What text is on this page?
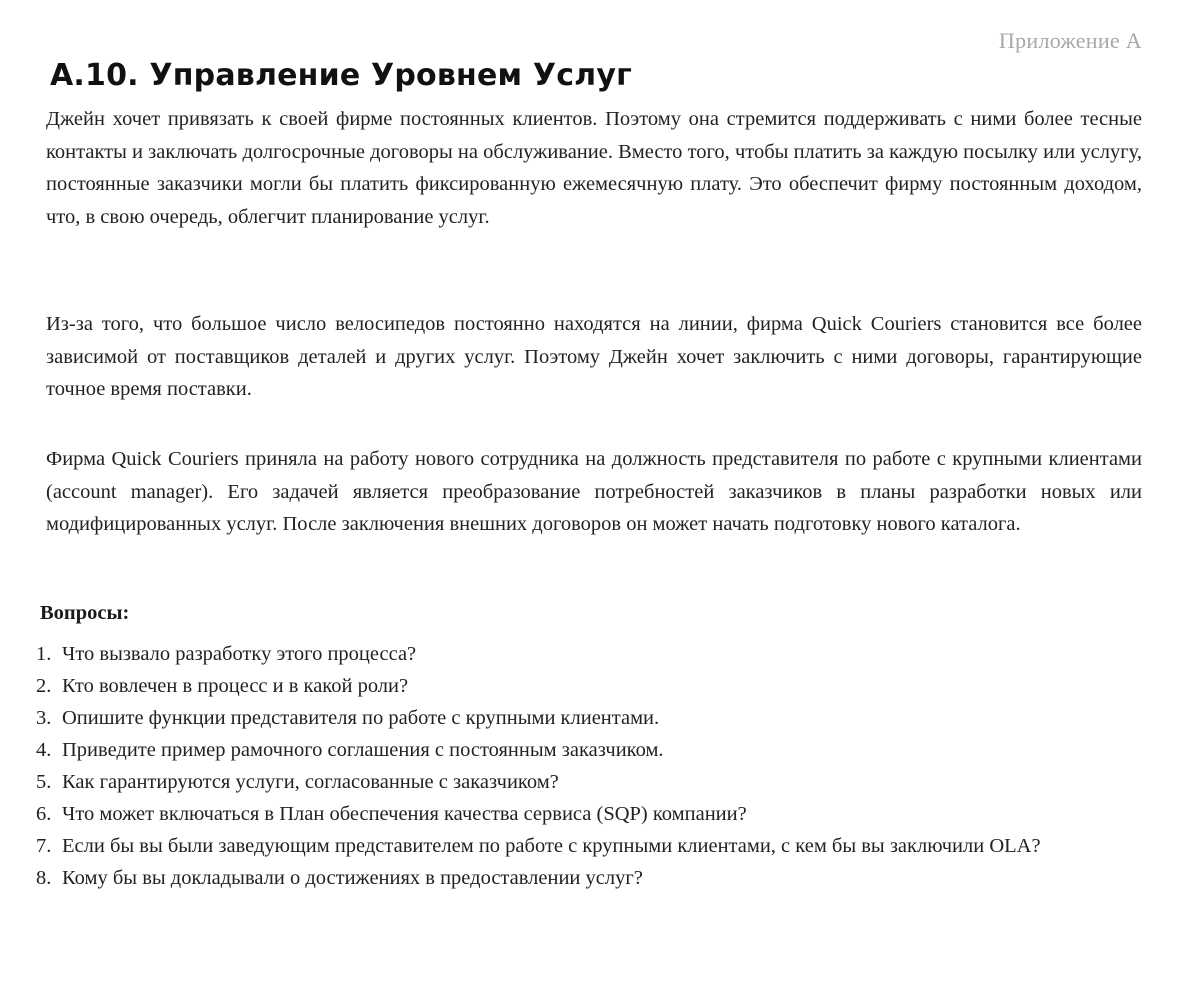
Приложение А
А.10. Управление Уровнем Услуг

Джейн хочет привязать к своей фирме постоянных клиентов. Поэтому она стремится поддерживать с ними более тесные контакты и заключать долгосрочные договоры на обслуживание. Вместо того, чтобы платить за каждую посылку или услугу, постоянные заказчики могли бы платить фиксированную ежемесячную плату. Это обеспечит фирму постоянным доходом, что, в свою очередь, облегчит планирование услуг.

Из-за того, что большое число велосипедов постоянно находятся на линии, фирма Quick Couriers становится все более зависимой от поставщиков деталей и других услуг. Поэтому Джейн хочет заключить с ними договоры, гарантирующие точное время поставки.

Фирма Quick Couriers приняла на работу нового сотрудника на должность представителя по работе с крупными клиентами (account manager). Его задачей является преобразование потребностей заказчиков в планы разработки новых или модифицированных услуг. После заключения внешних договоров он может начать подготовку нового каталога.

Вопросы:
1. Что вызвало разработку этого процесса?
2. Кто вовлечен в процесс и в какой роли?
3. Опишите функции представителя по работе с крупными клиентами.
4. Приведите пример рамочного соглашения с постоянным заказчиком.
5. Как гарантируются услуги, согласованные с заказчиком?
6. Что может включаться в План обеспечения качества сервиса (SQP) компании?
7. Если бы вы были заведующим представителем по работе с крупными клиентами, с кем бы вы заключили OLA?
8. Кому бы вы докладывали о достижениях в предоставлении услуг?
